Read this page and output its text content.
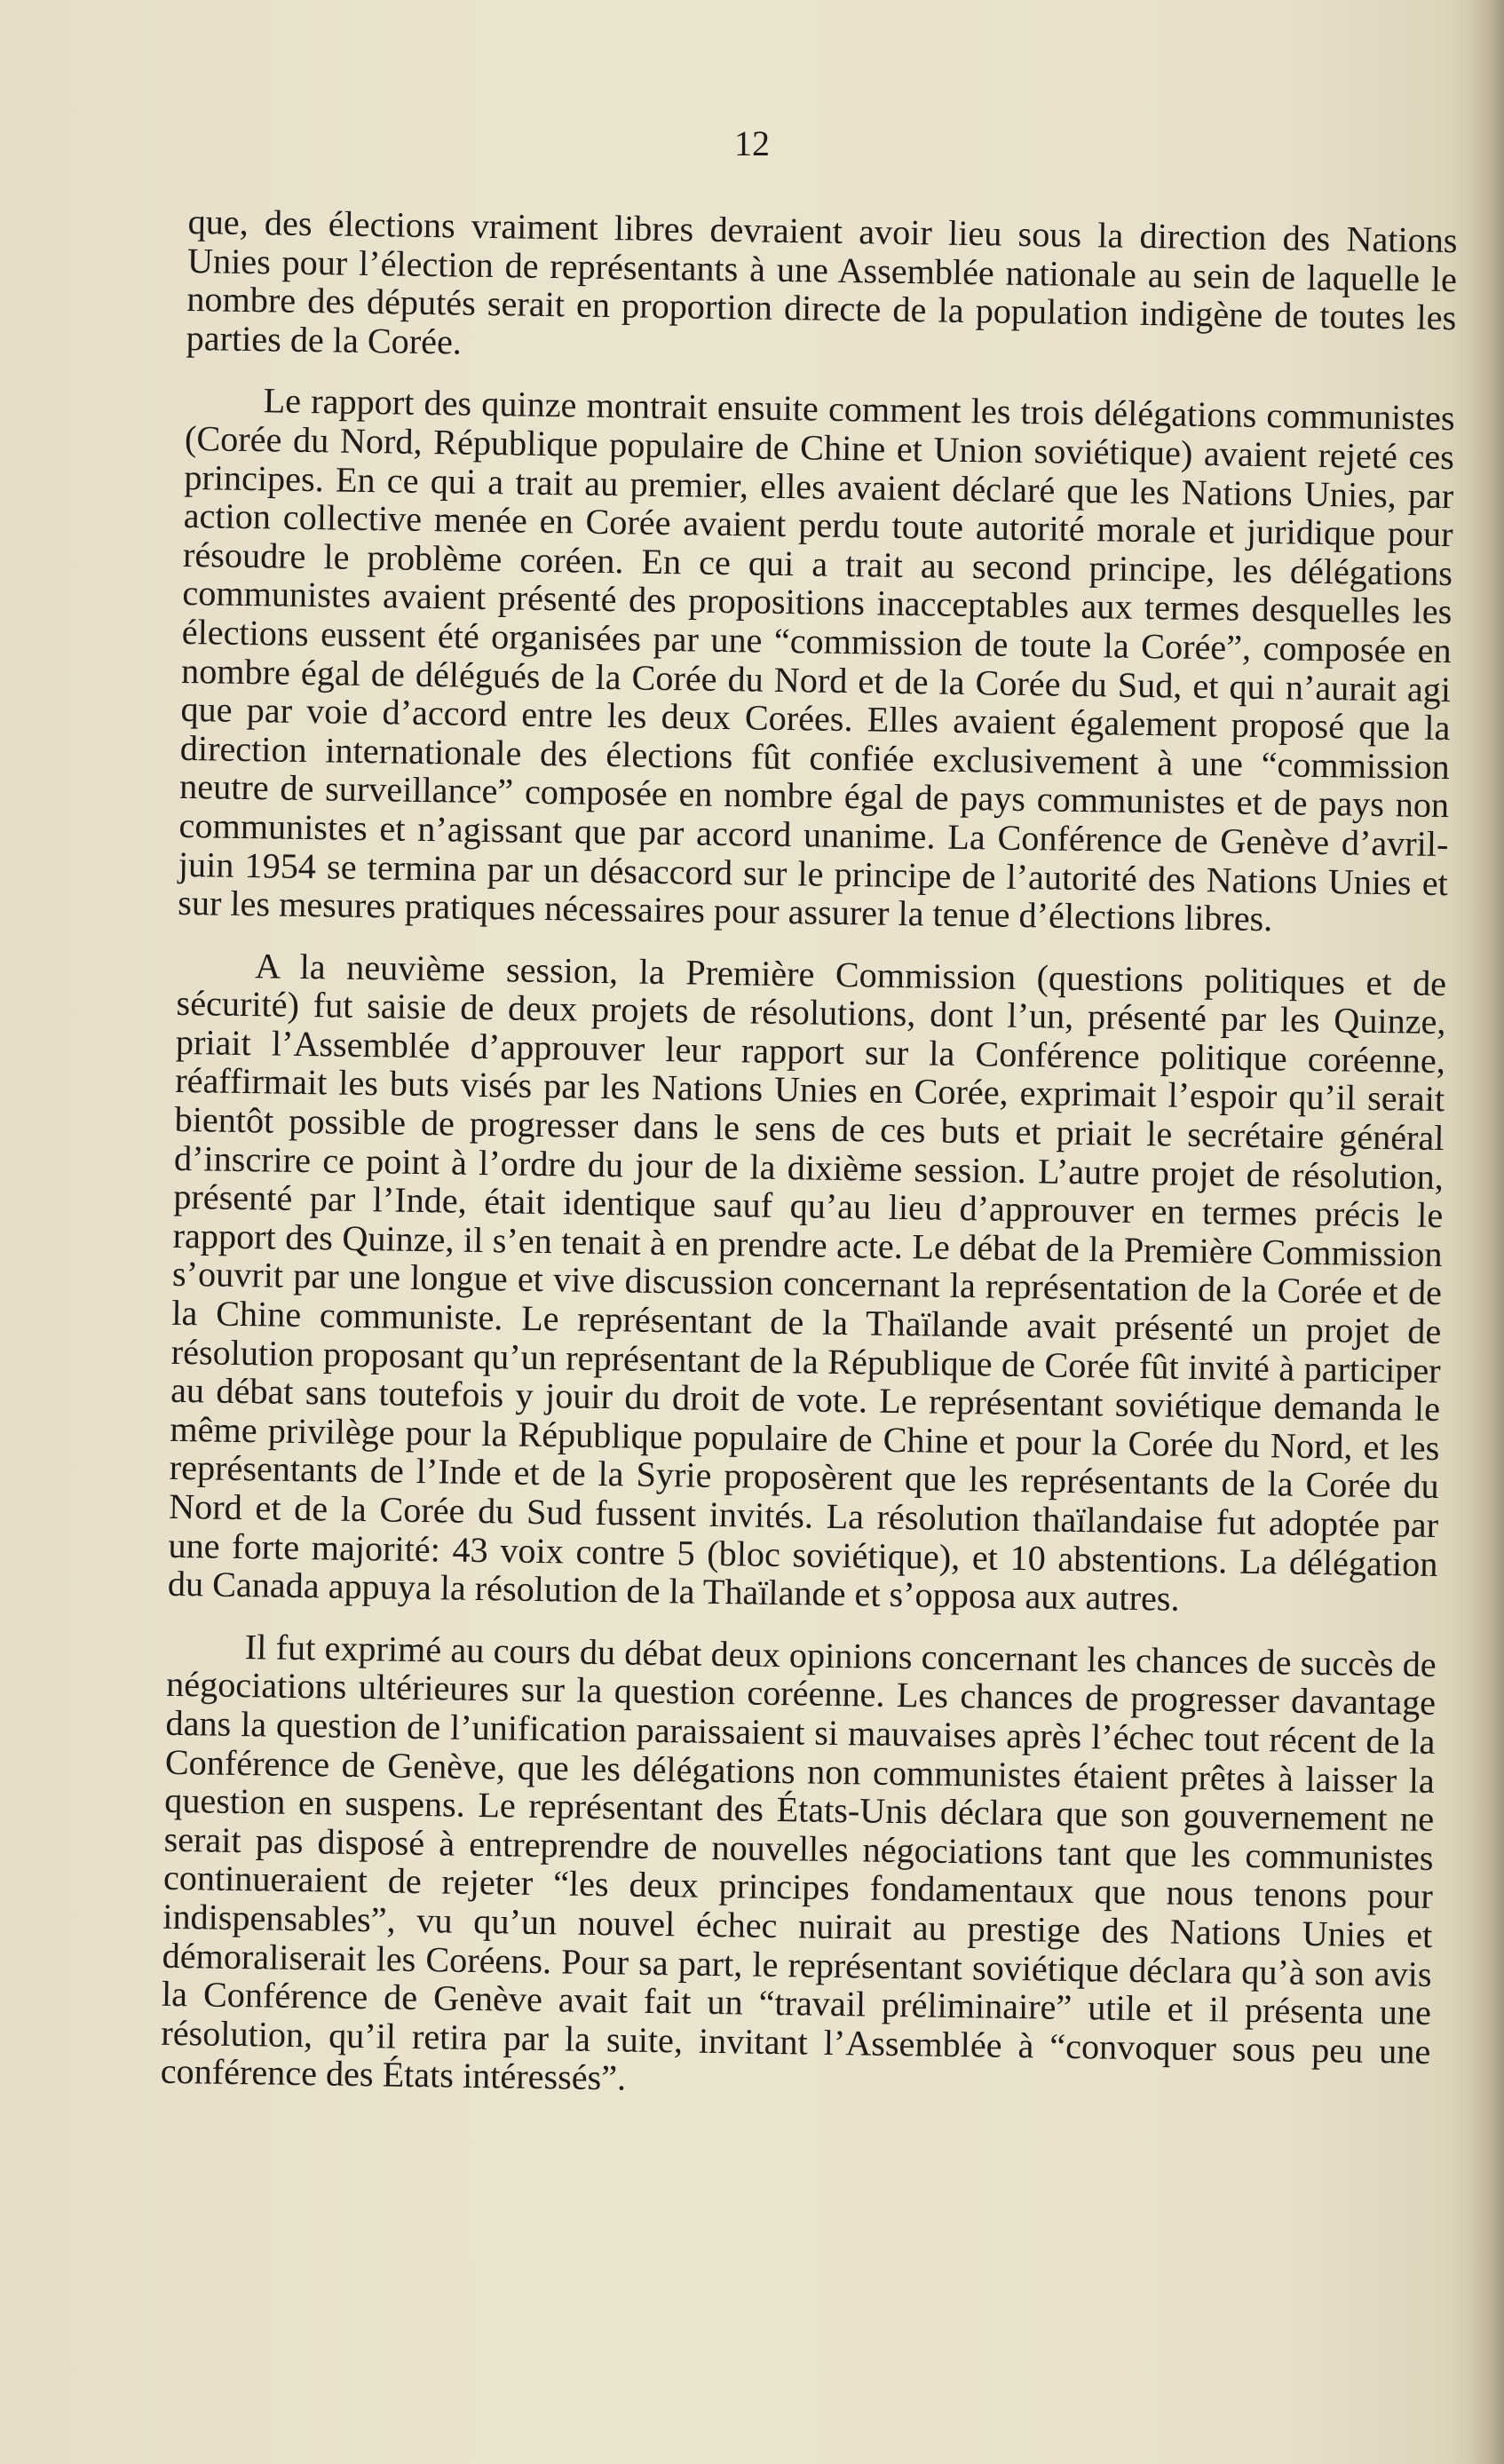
12

que, des élections vraiment libres devraient avoir lieu sous la direction des Nations Unies pour l’élection de représentants à une Assemblée nationale au sein de laquelle le nombre des députés serait en proportion directe de la population indigène de toutes les parties de la Corée.

Le rapport des quinze montrait ensuite comment les trois délégations communistes (Corée du Nord, République populaire de Chine et Union soviétique) avaient rejeté ces principes. En ce qui a trait au premier, elles avaient déclaré que les Nations Unies, par action collective menée en Corée avaient perdu toute autorité morale et juridique pour résoudre le problème coréen. En ce qui a trait au second principe, les délégations communistes avaient présenté des propositions inacceptables aux termes desquelles les élections eussent été organisées par une “commission de toute la Corée”, composée en nombre égal de délégués de la Corée du Nord et de la Corée du Sud, et qui n’aurait agi que par voie d’accord entre les deux Corées. Elles avaient également proposé que la direction internationale des élections fût confiée exclusivement à une “commission neutre de surveillance” composée en nombre égal de pays communistes et de pays non communistes et n’agissant que par accord unanime. La Conférence de Genève d’avril-juin 1954 se termina par un désaccord sur le principe de l’autorité des Nations Unies et sur les mesures pratiques nécessaires pour assurer la tenue d’élections libres.

A la neuvième session, la Première Commission (questions politiques et de sécurité) fut saisie de deux projets de résolutions, dont l’un, présenté par les Quinze, priait l’Assemblée d’approuver leur rapport sur la Conférence politique coréenne, réaffirmait les buts visés par les Nations Unies en Corée, exprimait l’espoir qu’il serait bientôt possible de progresser dans le sens de ces buts et priait le secrétaire général d’inscrire ce point à l’ordre du jour de la dixième session. L’autre projet de résolution, présenté par l’Inde, était identique sauf qu’au lieu d’approuver en termes précis le rapport des Quinze, il s’en tenait à en prendre acte. Le débat de la Première Commission s’ouvrit par une longue et vive discussion concernant la représentation de la Corée et de la Chine communiste. Le représentant de la Thaïlande avait présenté un projet de résolution proposant qu’un représentant de la République de Corée fût invité à participer au débat sans toutefois y jouir du droit de vote. Le représentant soviétique demanda le même privilège pour la République populaire de Chine et pour la Corée du Nord, et les représentants de l’Inde et de la Syrie proposèrent que les représentants de la Corée du Nord et de la Corée du Sud fussent invités. La résolution thaïlandaise fut adoptée par une forte majorité: 43 voix contre 5 (bloc soviétique), et 10 abstentions. La délégation du Canada appuya la résolution de la Thaïlande et s’opposa aux autres.

Il fut exprimé au cours du débat deux opinions concernant les chances de succès de négociations ultérieures sur la question coréenne. Les chances de progresser davantage dans la question de l’unification paraissaient si mauvaises après l’échec tout récent de la Conférence de Genève, que les délégations non communistes étaient prêtes à laisser la question en suspens. Le représentant des États-Unis déclara que son gouvernement ne serait pas disposé à entreprendre de nouvelles négociations tant que les communistes continueraient de rejeter “les deux principes fondamentaux que nous tenons pour indispensables”, vu qu’un nouvel échec nuirait au prestige des Nations Unies et démoraliserait les Coréens. Pour sa part, le représentant soviétique déclara qu’à son avis la Conférence de Genève avait fait un “travail préliminaire” utile et il présenta une résolution, qu’il retira par la suite, invitant l’Assemblée à “convoquer sous peu une conférence des États intéressés”.
